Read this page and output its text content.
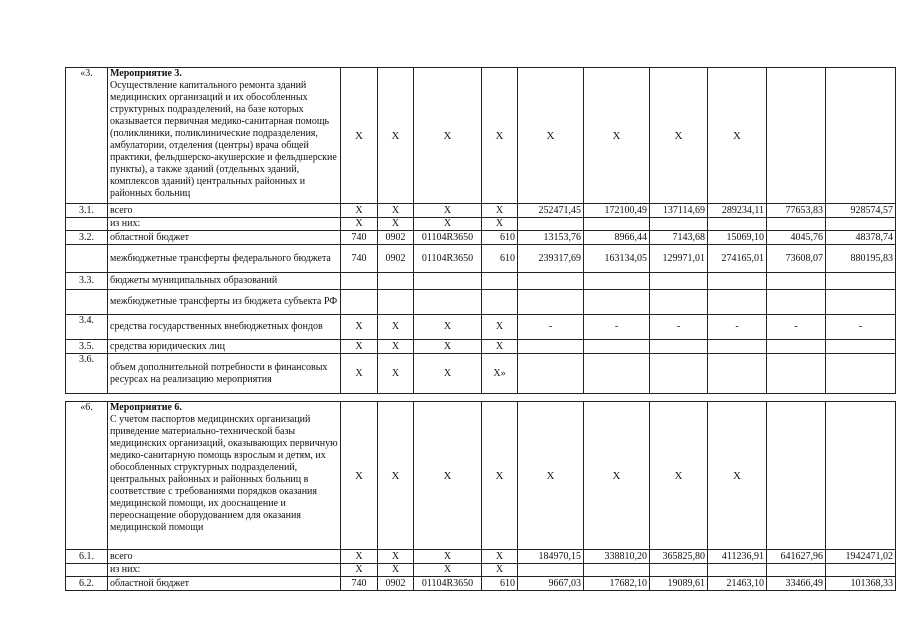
«3.	Мероприятие 3.
Осуществление капитального ремонта зданий медицинских организаций и их обособленных структурных подразделений, на базе которых оказывается первичная медико-санитарная помощь (поликлиники, поликлинические подразделения, амбулатории, отделения (центры) врача общей практики, фельдшерско-акушерские и фельдшерские пункты), а также зданий (отдельных зданий, комплексов зданий) центральных районных и районных больниц	Х	Х	Х	Х	Х	Х	Х	Х		
3.1.	всего	Х	Х	Х	Х	252471,45	172100,49	137114,69	289234,11	77653,83	928574,57
	из них:	Х	Х	Х	Х						
3.2.	областной бюджет	740	0902	01104R3650	610	13153,76	8966,44	7143,68	15069,10	4045,76	48378,74
	межбюджетные трансферты федерального бюджета	740	0902	01104R3650	610	239317,69	163134,05	129971,01	274165,01	73608,07	880195,83
3.3.	бюджеты муниципальных образований										
	межбюджетные трансферты из бюджета субъекта РФ										
3.4.	средства государственных внебюджетных фондов	Х	Х	Х	Х	-	-	-	-	-	-
3.5.	средства юридических лиц	Х	Х	Х	Х						
3.6.	объем дополнительной потребности в финансовых ресурсах на реализацию мероприятия	Х	Х	Х	Х»						
«6.	Мероприятие 6.
С учетом паспортов медицинских организаций приведение материально-технической базы медицинских организаций, оказывающих первичную медико-санитарную помощь взрослым и детям, их обособленных структурных подразделений, центральных районных и районных больниц в соответствие с требованиями порядков оказания медицинской помощи, их дооснащение и переоснащение оборудованием для оказания медицинской помощи	Х	Х	Х	Х	Х	Х	Х	Х		
6.1.	всего	Х	Х	Х	Х	184970,15	338810,20	365825,80	411236,91	641627,96	1942471,02
	из них:	Х	Х	Х	Х						
6.2.	областной бюджет	740	0902	01104R3650	610	9667,03	17682,10	19089,61	21463,10	33466,49	101368,33
